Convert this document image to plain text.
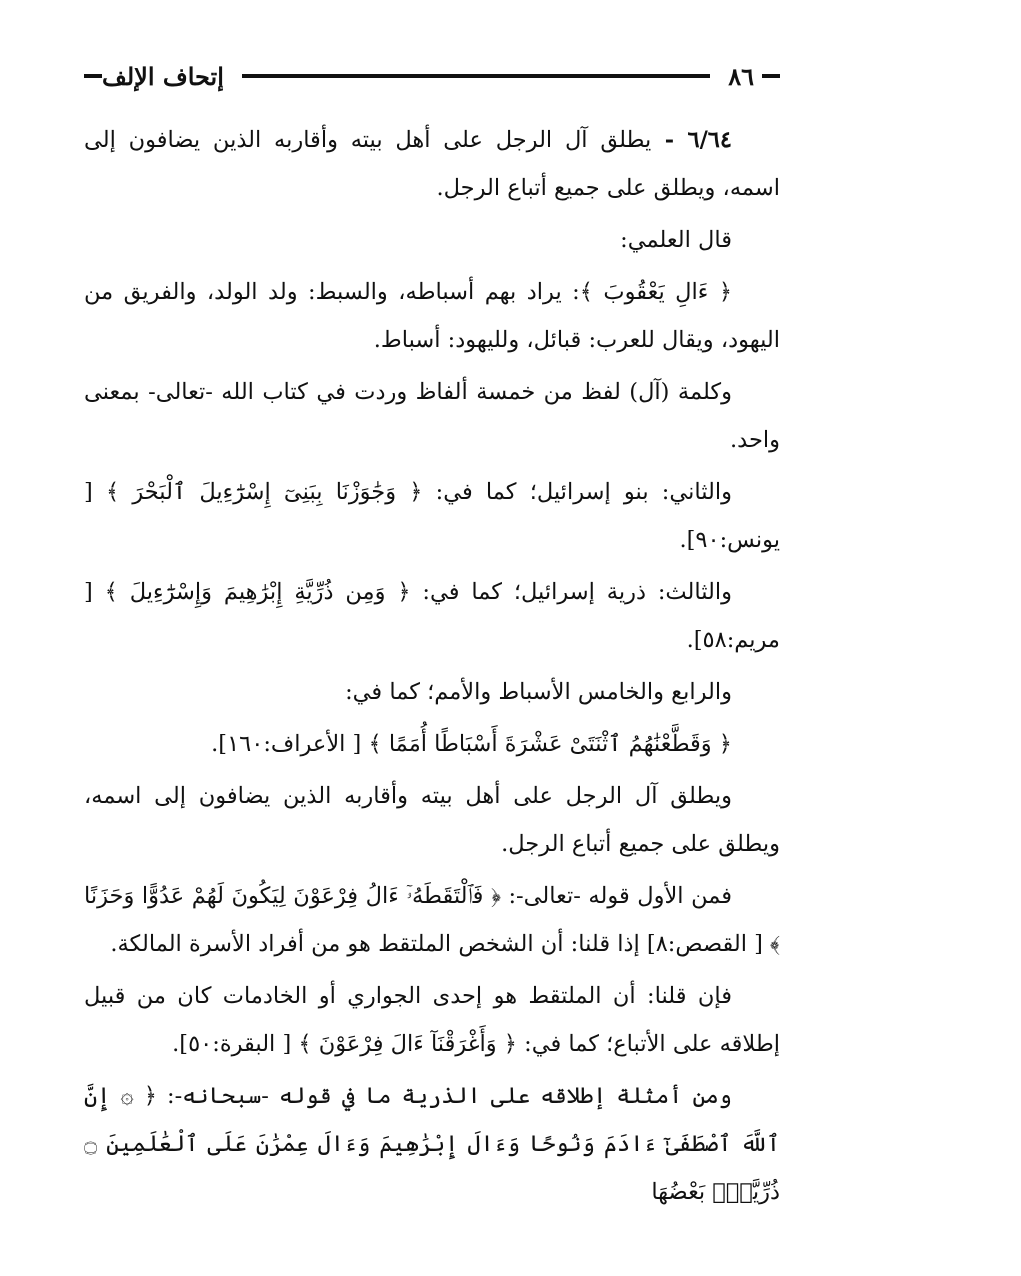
٨٦
إتحاف الإلف

٦/٦٤ - يطلق آل الرجل على أهل بيته وأقاربه الذين يضافون إلى اسمه، ويطلق على جميع أتباع الرجل.

قال العلمي:

﴿ ءَالِ يَعْقُوبَ ﴾: يراد بهم أسباطه، والسبط: ولد الولد، والفريق من اليهود، ويقال للعرب: قبائل، ولليهود: أسباط.

وكلمة (آل) لفظ من خمسة ألفاظ وردت في كتاب الله -تعالى- بمعنى واحد.

والثاني: بنو إسرائيل؛ كما في: ﴿ وَجَٰوَزْنَا بِبَنِىٓ إِسْرَٰٓءِيلَ ٱلْبَحْرَ ﴾ [ يونس:٩٠].

والثالث: ذرية إسرائيل؛ كما في: ﴿ وَمِن ذُرِّيَّةِ إِبْرَٰهِيمَ وَإِسْرَٰٓءِيلَ ﴾ [ مريم:٥٨].

والرابع والخامس الأسباط والأمم؛ كما في:

﴿ وَقَطَّعْنَٰهُمُ ٱثْنَتَىْ عَشْرَةَ أَسْبَاطًا أُمَمًا ﴾ [ الأعراف:١٦٠].

ويطلق آل الرجل على أهل بيته وأقاربه الذين يضافون إلى اسمه، ويطلق على جميع أتباع الرجل.

فمن الأول قوله -تعالى-: ﴿ فَٱلْتَقَطَهُۥٓ ءَالُ فِرْعَوْنَ لِيَكُونَ لَهُمْ عَدُوًّا وَحَزَنًا ﴾ [ القصص:٨] إذا قلنا: أن الشخص الملتقط هو من أفراد الأسرة المالكة.

فإن قلنا: أن الملتقط هو إحدى الجواري أو الخادمات كان من قبيل إطلاقه على الأتباع؛ كما في: ﴿ وَأَغْرَقْنَآ ءَالَ فِرْعَوْنَ ﴾ [ البقرة:٥٠].

ومن أمثلة إطلاقه على الذرية ما في قوله -سبحانه-: ﴿ ۞ إِنَّ ٱللَّهَ ٱصْطَفَىٰٓ ءَادَمَ وَنُوحًا وَءَالَ إِبْرَٰهِيمَ وَءَالَ عِمْرَٰنَ عَلَى ٱلْعَٰلَمِينَ ۝ ذُرِّيَّةًۢ بَعْضُهَا
